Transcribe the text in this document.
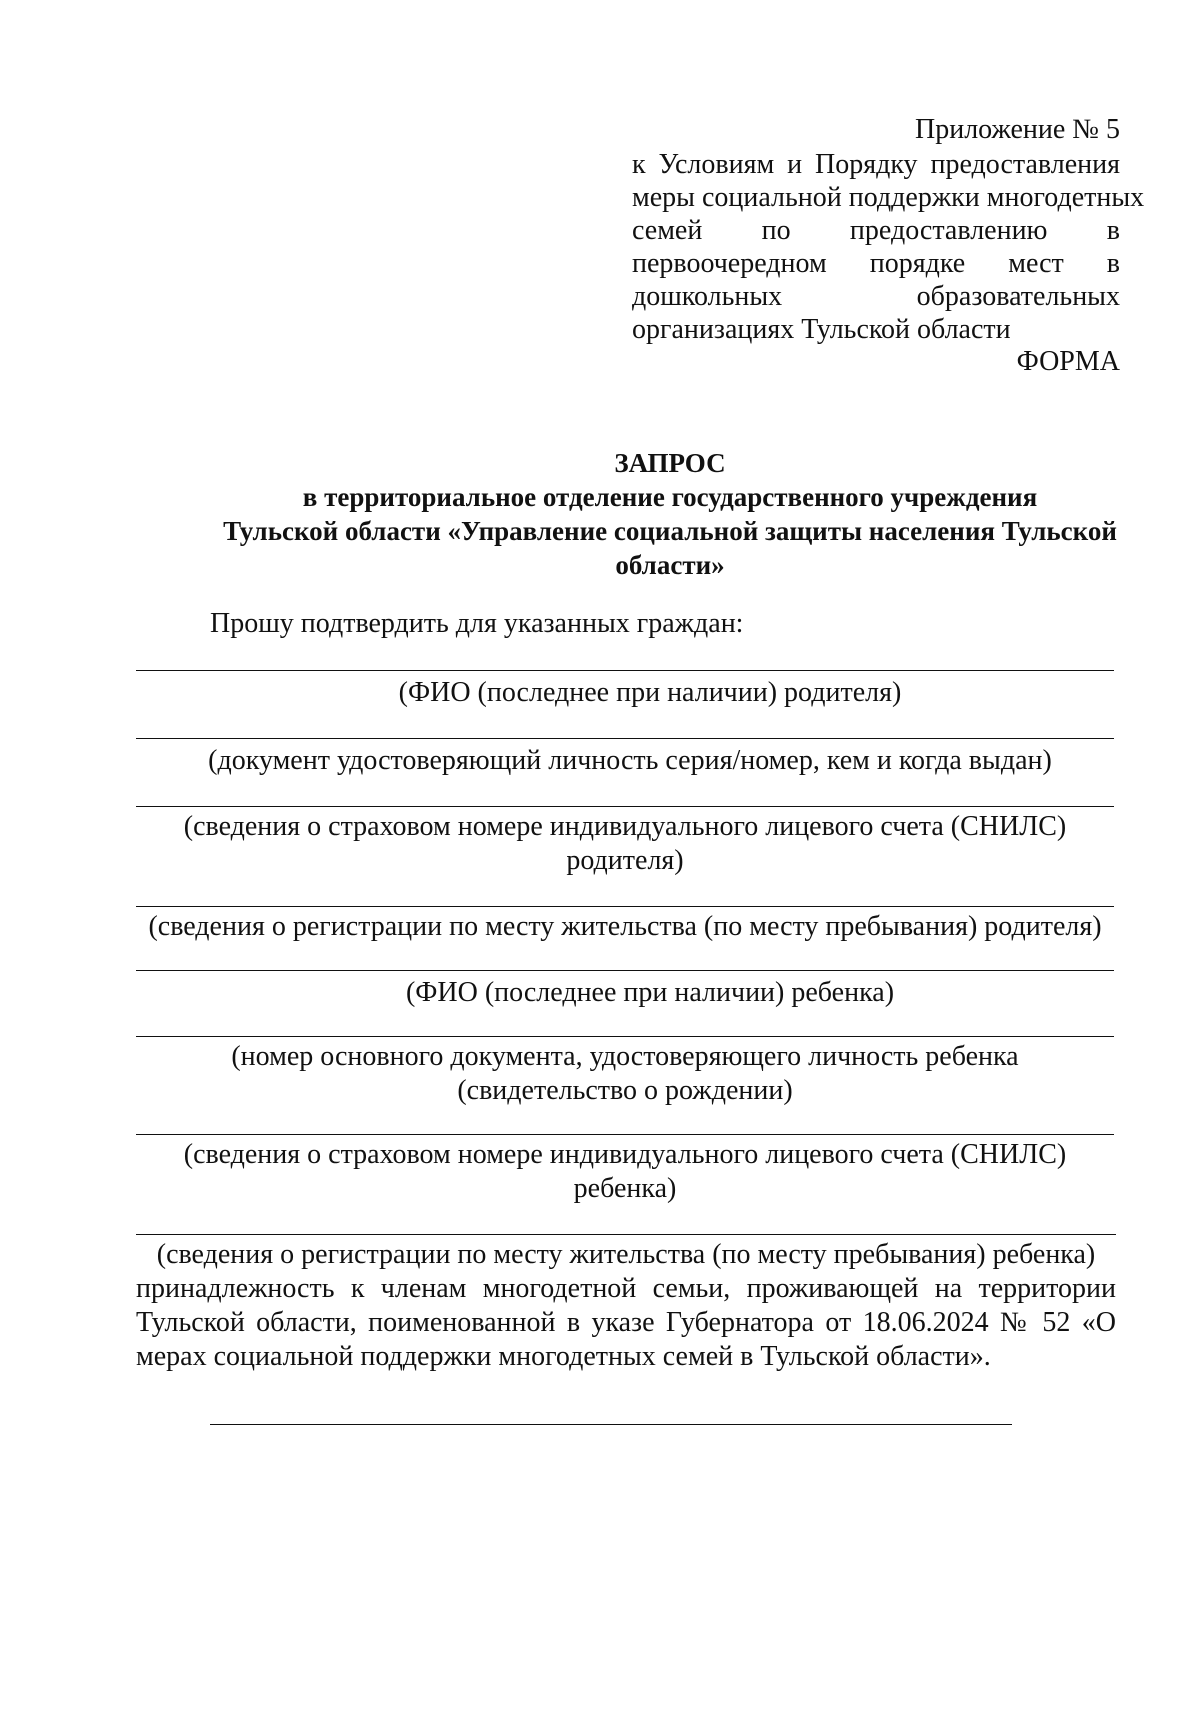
Приложение № 5
к Условиям и Порядку предоставления
меры социальной поддержки многодетных
семей по предоставлению в
первоочередном порядке мест в
дошкольных образовательных
организациях Тульской области
ФОРМА
ЗАПРОС
в территориальное отделение государственного учреждения
Тульской области «Управление социальной защиты населения Тульской
области»
Прошу подтвердить для указанных граждан:
(ФИО (последнее при наличии) родителя)
(документ удостоверяющий личность серия/номер, кем и когда выдан)
(сведения о страховом номере индивидуального лицевого счета (СНИЛС)
родителя)
(сведения о регистрации по месту жительства (по месту пребывания) родителя)
(ФИО (последнее при наличии) ребенка)
(номер основного документа, удостоверяющего личность ребенка
(свидетельство о рождении)
(сведения о страховом номере индивидуального лицевого счета (СНИЛС)
ребенка)
(сведения о регистрации по месту жительства (по месту пребывания) ребенка)
принадлежность к членам многодетной семьи, проживающей на территории
Тульской области, поименованной в указе Губернатора от 18.06.2024 № 52 «О
мерах социальной поддержки многодетных семей в Тульской области».
